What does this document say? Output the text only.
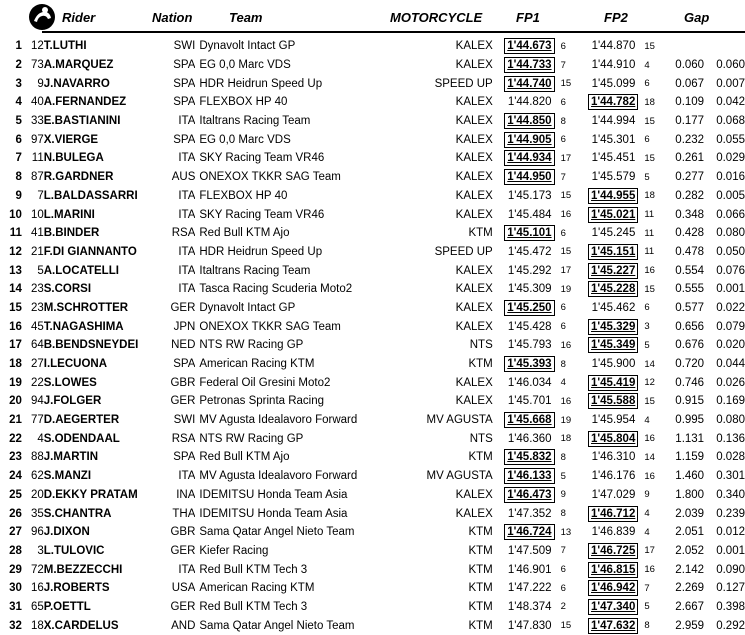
Rider	Nation	Team	MOTORCYCLE	FP1	FP2	Gap
1	12	T.LUTHI	SWI	Dynavolt Intact GP	KALEX	1'44.673	6	1'44.870	15		
2	73	A.MARQUEZ	SPA	EG 0,0 Marc VDS	KALEX	1'44.733	7	1'44.910	4	0.060	0.060
3	9	J.NAVARRO	SPA	HDR Heidrun Speed Up	SPEED UP	1'44.740	15	1'45.099	6	0.067	0.007
4	40	A.FERNANDEZ	SPA	FLEXBOX HP 40	KALEX	1'44.820	6	1'44.782	18	0.109	0.042
5	33	E.BASTIANINI	ITA	Italtrans Racing Team	KALEX	1'44.850	8	1'44.994	15	0.177	0.068
6	97	X.VIERGE	SPA	EG 0,0 Marc VDS	KALEX	1'44.905	6	1'45.301	6	0.232	0.055
7	11	N.BULEGA	ITA	SKY Racing Team VR46	KALEX	1'44.934	17	1'45.451	15	0.261	0.029
8	87	R.GARDNER	AUS	ONEXOX TKKR SAG Team	KALEX	1'44.950	7	1'45.579	5	0.277	0.016
9	7	L.BALDASSARRI	ITA	FLEXBOX HP 40	KALEX	1'45.173	15	1'44.955	18	0.282	0.005
10	10	L.MARINI	ITA	SKY Racing Team VR46	KALEX	1'45.484	16	1'45.021	11	0.348	0.066
11	41	B.BINDER	RSA	Red Bull KTM Ajo	KTM	1'45.101	6	1'45.245	11	0.428	0.080
12	21	F.DI GIANNANTO	ITA	HDR Heidrun Speed Up	SPEED UP	1'45.472	15	1'45.151	11	0.478	0.050
13	5	A.LOCATELLI	ITA	Italtrans Racing Team	KALEX	1'45.292	17	1'45.227	16	0.554	0.076
14	23	S.CORSI	ITA	Tasca Racing Scuderia Moto2	KALEX	1'45.309	19	1'45.228	15	0.555	0.001
15	23	M.SCHROTTER	GER	Dynavolt Intact GP	KALEX	1'45.250	6	1'45.462	6	0.577	0.022
16	45	T.NAGASHIMA	JPN	ONEXOX TKKR SAG Team	KALEX	1'45.428	6	1'45.329	3	0.656	0.079
17	64	B.BENDSNEYDEI	NED	NTS RW Racing GP	NTS	1'45.793	16	1'45.349	5	0.676	0.020
18	27	I.LECUONA	SPA	American Racing KTM	KTM	1'45.393	8	1'45.900	14	0.720	0.044
19	22	S.LOWES	GBR	Federal Oil Gresini Moto2	KALEX	1'46.034	4	1'45.419	12	0.746	0.026
20	94	J.FOLGER	GER	Petronas Sprinta Racing	KALEX	1'45.701	16	1'45.588	15	0.915	0.169
21	77	D.AEGERTER	SWI	MV Agusta Idealavoro Forward	MV AGUSTA	1'45.668	19	1'45.954	4	0.995	0.080
22	4	S.ODENDAAL	RSA	NTS RW Racing GP	NTS	1'46.360	18	1'45.804	16	1.131	0.136
23	88	J.MARTIN	SPA	Red Bull KTM Ajo	KTM	1'45.832	8	1'46.310	14	1.159	0.028
24	62	S.MANZI	ITA	MV Agusta Idealavoro Forward	MV AGUSTA	1'46.133	5	1'46.176	16	1.460	0.301
25	20	D.EKKY PRATAM	INA	IDEMITSU Honda Team Asia	KALEX	1'46.473	9	1'47.029	9	1.800	0.340
26	35	S.CHANTRA	THA	IDEMITSU Honda Team Asia	KALEX	1'47.352	8	1'46.712	4	2.039	0.239
27	96	J.DIXON	GBR	Sama Qatar Angel Nieto Team	KTM	1'46.724	13	1'46.839	4	2.051	0.012
28	3	L.TULOVIC	GER	Kiefer Racing	KTM	1'47.509	7	1'46.725	17	2.052	0.001
29	72	M.BEZZECCHI	ITA	Red Bull KTM Tech 3	KTM	1'46.901	6	1'46.815	16	2.142	0.090
30	16	J.ROBERTS	USA	American Racing KTM	KTM	1'47.222	6	1'46.942	7	2.269	0.127
31	65	P.OETTL	GER	Red Bull KTM Tech 3	KTM	1'48.374	2	1'47.340	5	2.667	0.398
32	18	X.CARDELUS	AND	Sama Qatar Angel Nieto Team	KTM	1'47.830	15	1'47.632	8	2.959	0.292
